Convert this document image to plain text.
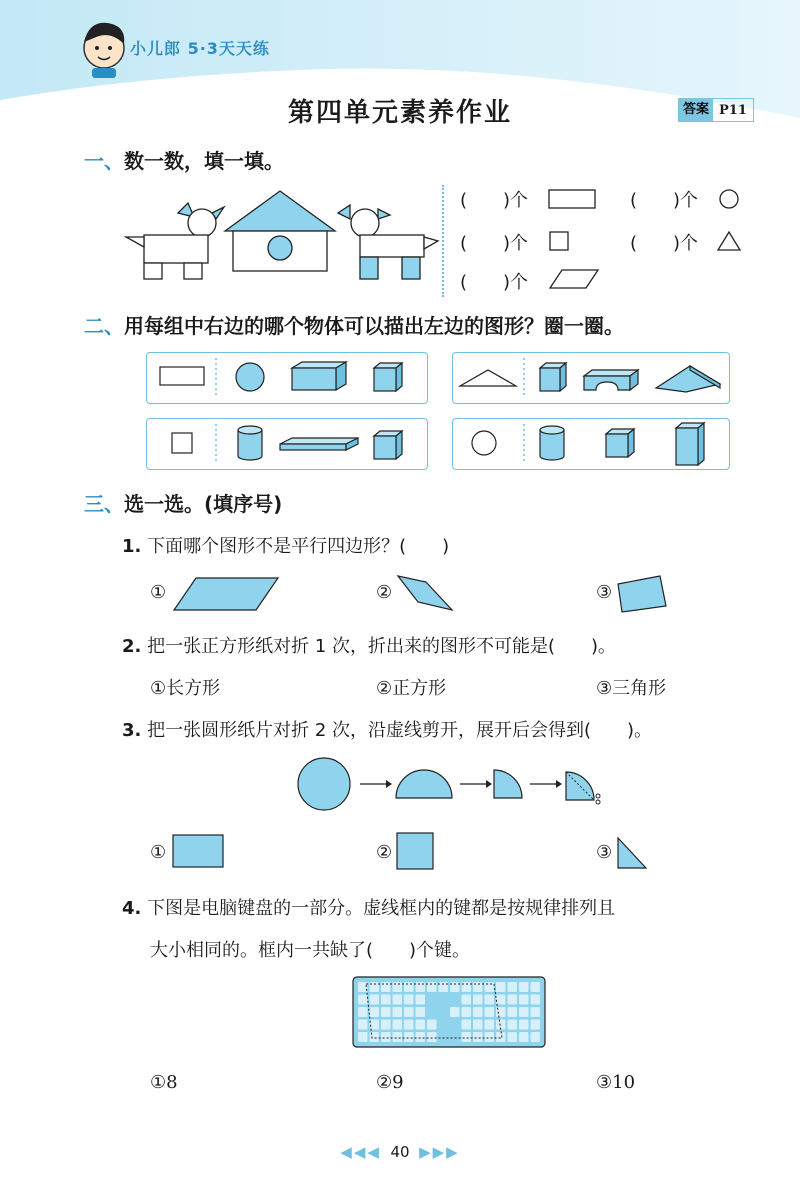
小儿郎 5·3天天练
第四单元素养作业	答案 P11
一、数一数，填一填。
(　　)个	(　　)个
(　　)个	(　　)个
(　　)个
二、用每组中右边的哪个物体可以描出左边的图形？圈一圈。
三、选一选。(填序号)
1. 下面哪个图形不是平行四边形？(　　)
①	②	③
2. 把一张正方形纸对折 1 次，折出来的图形不可能是(　　)。
①长方形	②正方形	③三角形
3. 把一张圆形纸片对折 2 次，沿虚线剪开，展开后会得到(　　)。
①	②	③
4. 下图是电脑键盘的一部分。虚线框内的键都是按规律排列且
大小相同的。框内一共缺了(　　)个键。
①8	②9	③10
◀◀◀ 40 ▶▶▶
